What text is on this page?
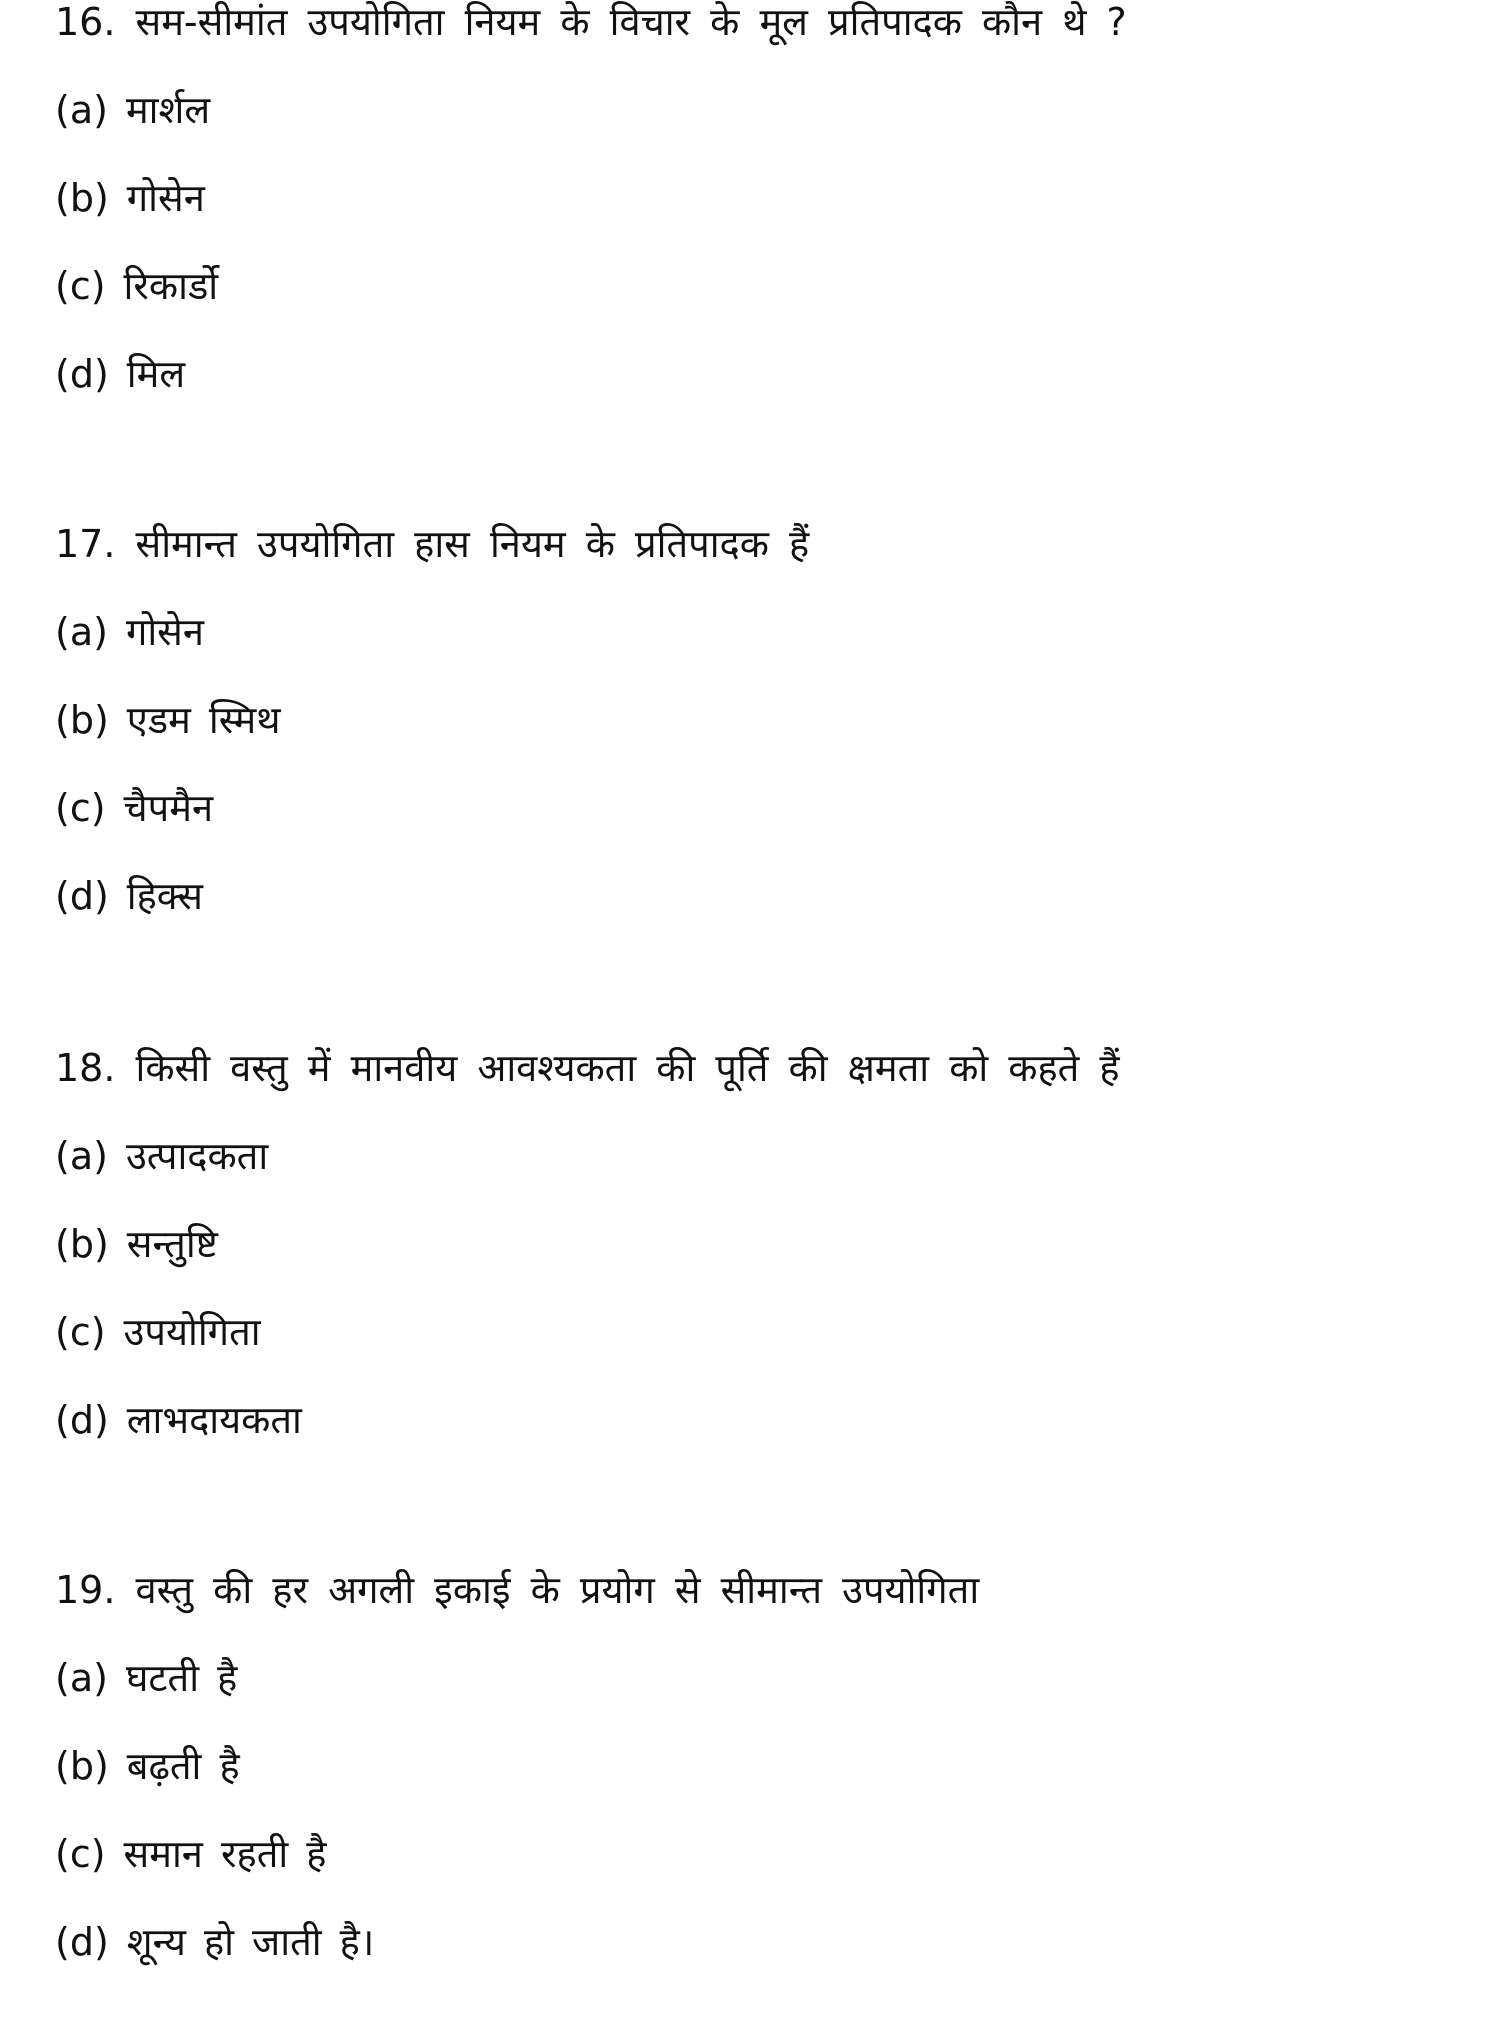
16. सम-सीमांत उपयोगिता नियम के विचार के मूल प्रतिपादक कौन थे ?
(a) मार्शल
(b) गोसेन
(c) रिकार्डो
(d) मिल
17. सीमान्त उपयोगिता हास नियम के प्रतिपादक हैं
(a) गोसेन
(b) एडम स्मिथ
(c) चैपमैन
(d) हिक्स
18. किसी वस्तु में मानवीय आवश्यकता की पूर्ति की क्षमता को कहते हैं
(a) उत्पादकता
(b) सन्तुष्टि
(c) उपयोगिता
(d) लाभदायकता
19. वस्तु की हर अगली इकाई के प्रयोग से सीमान्त उपयोगिता
(a) घटती है
(b) बढ़ती है
(c) समान रहती है
(d) शून्य हो जाती है।
